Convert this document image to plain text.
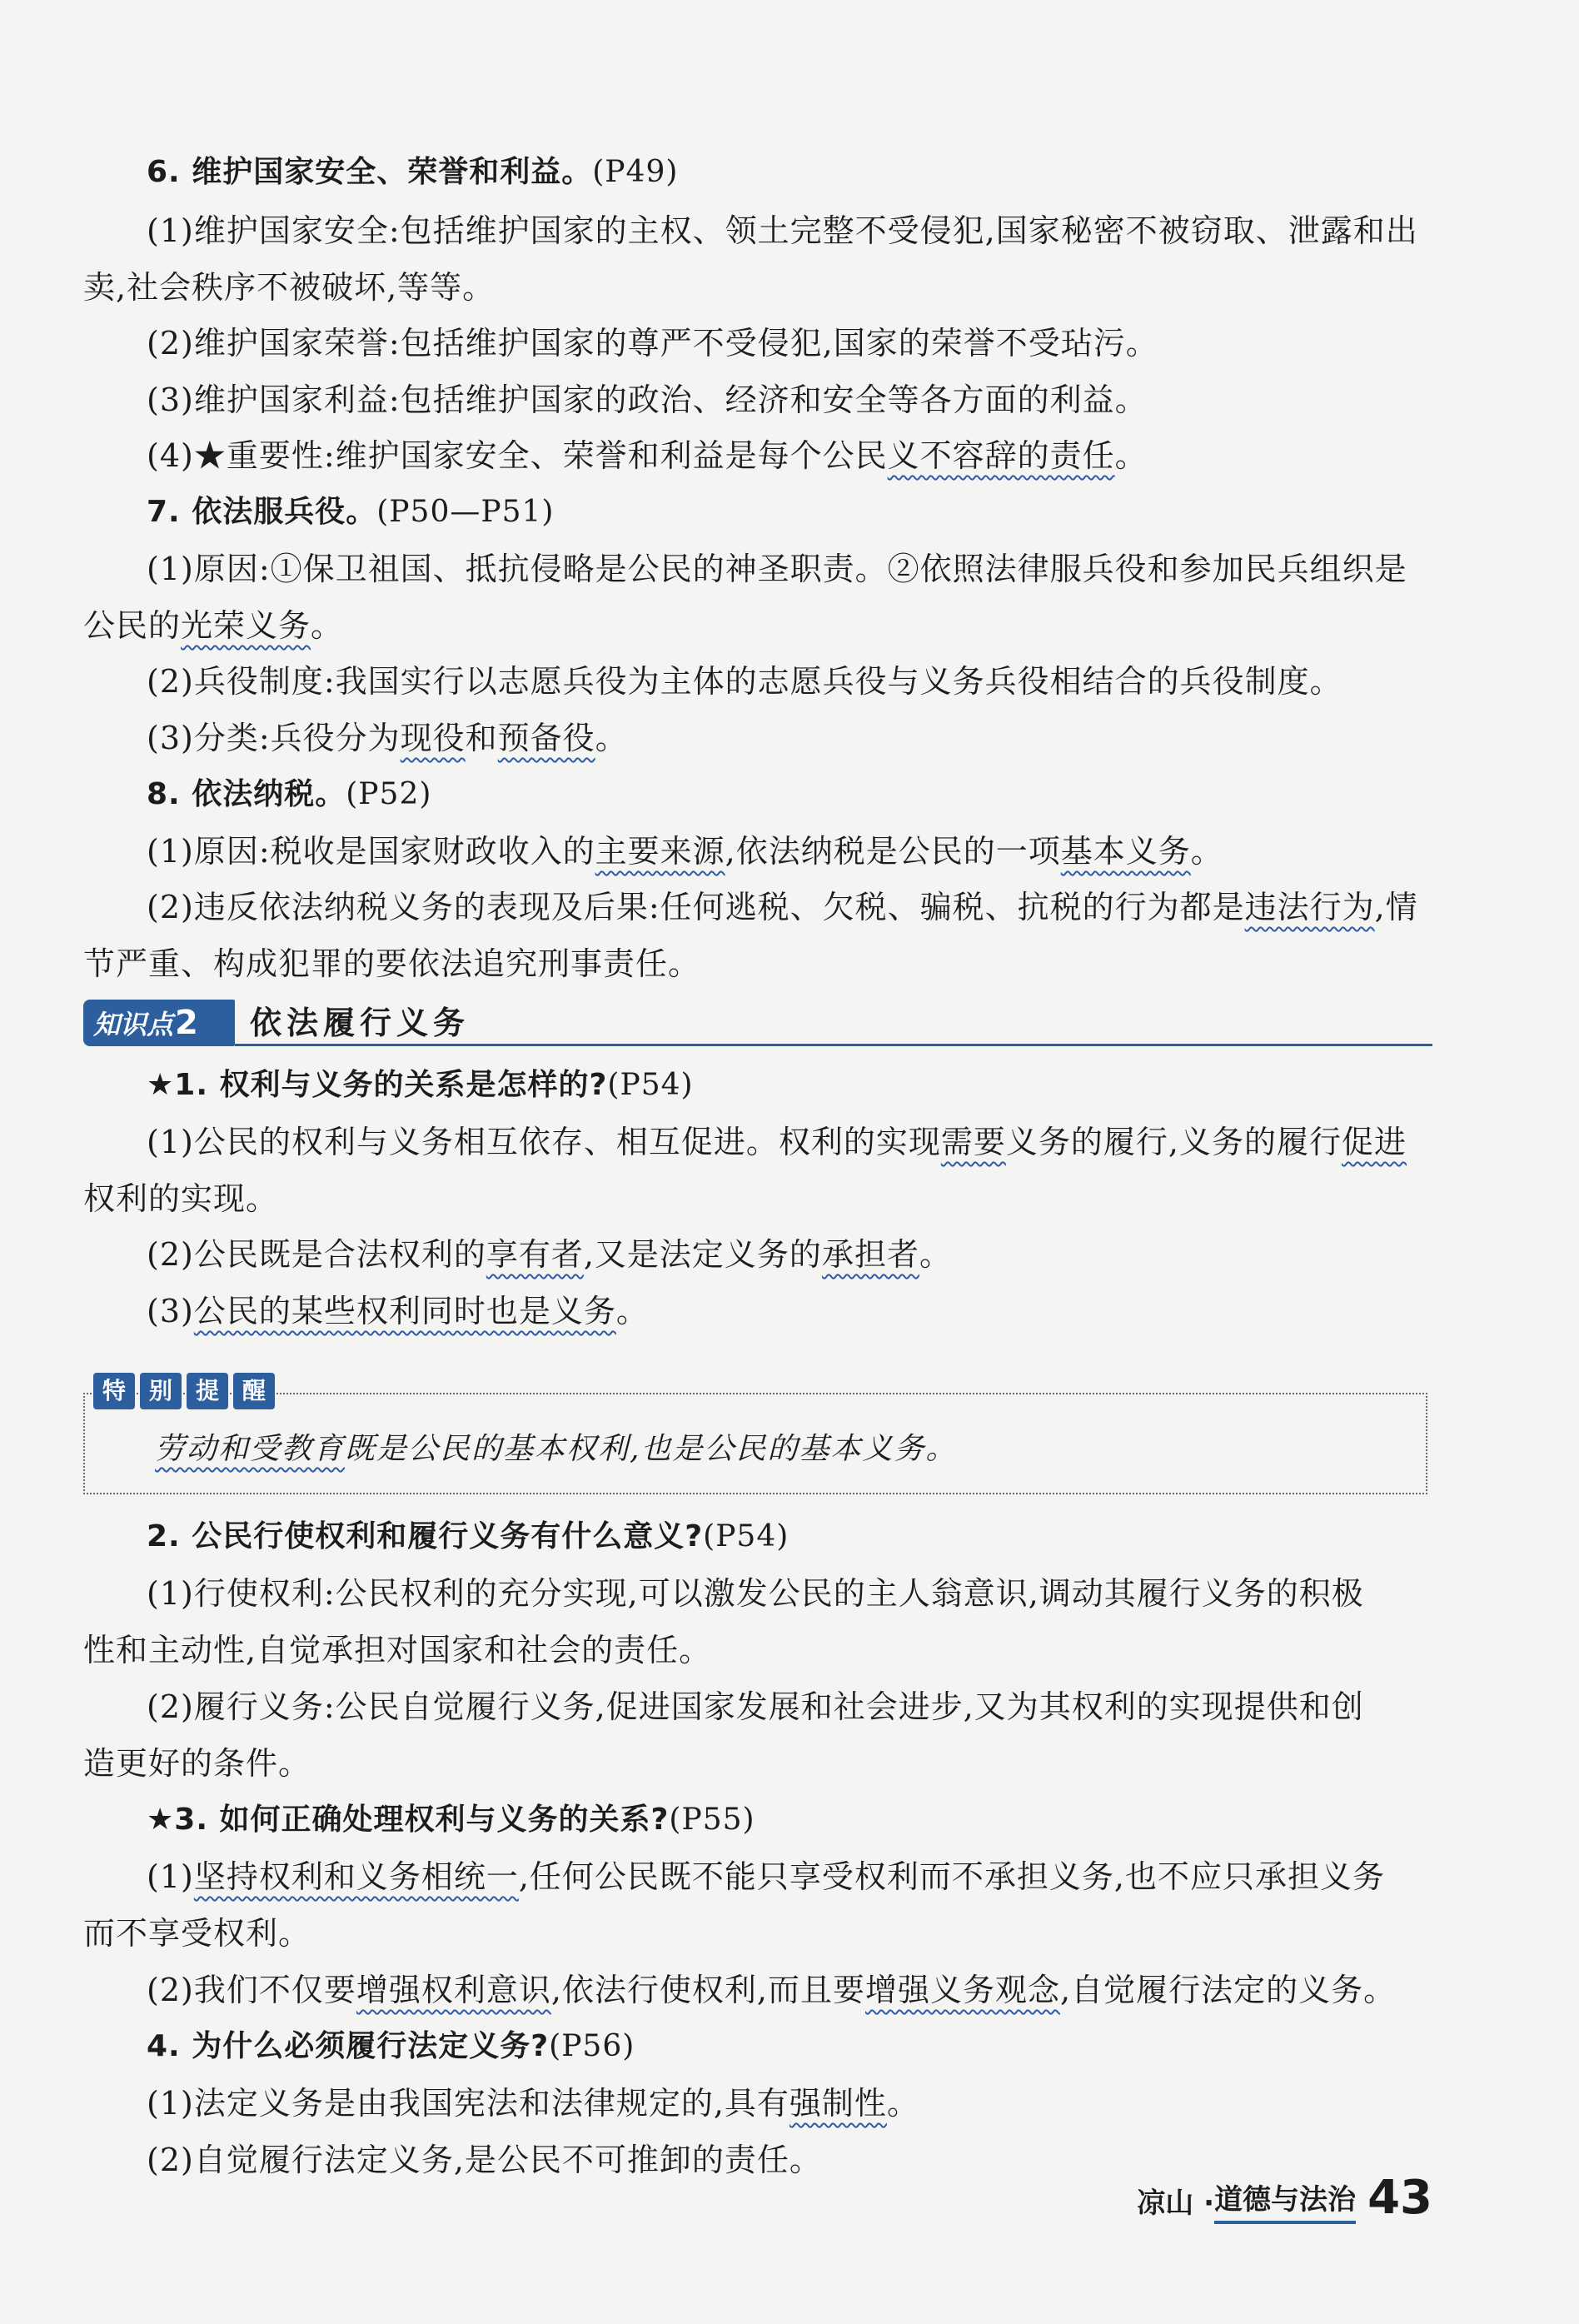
6. 维护国家安全、荣誉和利益。(P49)
(1)维护国家安全:包括维护国家的主权、领土完整不受侵犯,国家秘密不被窃取、泄露和出
卖,社会秩序不被破坏,等等。
(2)维护国家荣誉:包括维护国家的尊严不受侵犯,国家的荣誉不受玷污。
(3)维护国家利益:包括维护国家的政治、经济和安全等各方面的利益。
(4)★重要性:维护国家安全、荣誉和利益是每个公民义不容辞的责任。
7. 依法服兵役。(P50—P51)
(1)原因:①保卫祖国、抵抗侵略是公民的神圣职责。②依照法律服兵役和参加民兵组织是
公民的光荣义务。
(2)兵役制度:我国实行以志愿兵役为主体的志愿兵役与义务兵役相结合的兵役制度。
(3)分类:兵役分为现役和预备役。
8. 依法纳税。(P52)
(1)原因:税收是国家财政收入的主要来源,依法纳税是公民的一项基本义务。
(2)违反依法纳税义务的表现及后果:任何逃税、欠税、骗税、抗税的行为都是违法行为,情
节严重、构成犯罪的要依法追究刑事责任。
知识点2	依法履行义务
★1. 权利与义务的关系是怎样的?(P54)
(1)公民的权利与义务相互依存、相互促进。权利的实现需要义务的履行,义务的履行促进
权利的实现。
(2)公民既是合法权利的享有者,又是法定义务的承担者。
(3)公民的某些权利同时也是义务。
特 别 提 醒
劳动和受教育既是公民的基本权利,也是公民的基本义务。
2. 公民行使权利和履行义务有什么意义?(P54)
(1)行使权利:公民权利的充分实现,可以激发公民的主人翁意识,调动其履行义务的积极
性和主动性,自觉承担对国家和社会的责任。
(2)履行义务:公民自觉履行义务,促进国家发展和社会进步,又为其权利的实现提供和创
造更好的条件。
★3. 如何正确处理权利与义务的关系?(P55)
(1)坚持权利和义务相统一,任何公民既不能只享受权利而不承担义务,也不应只承担义务
而不享受权利。
(2)我们不仅要增强权利意识,依法行使权利,而且要增强义务观念,自觉履行法定的义务。
4. 为什么必须履行法定义务?(P56)
(1)法定义务是由我国宪法和法律规定的,具有强制性。
(2)自觉履行法定义务,是公民不可推卸的责任。
凉山 · 道德与法治 43
